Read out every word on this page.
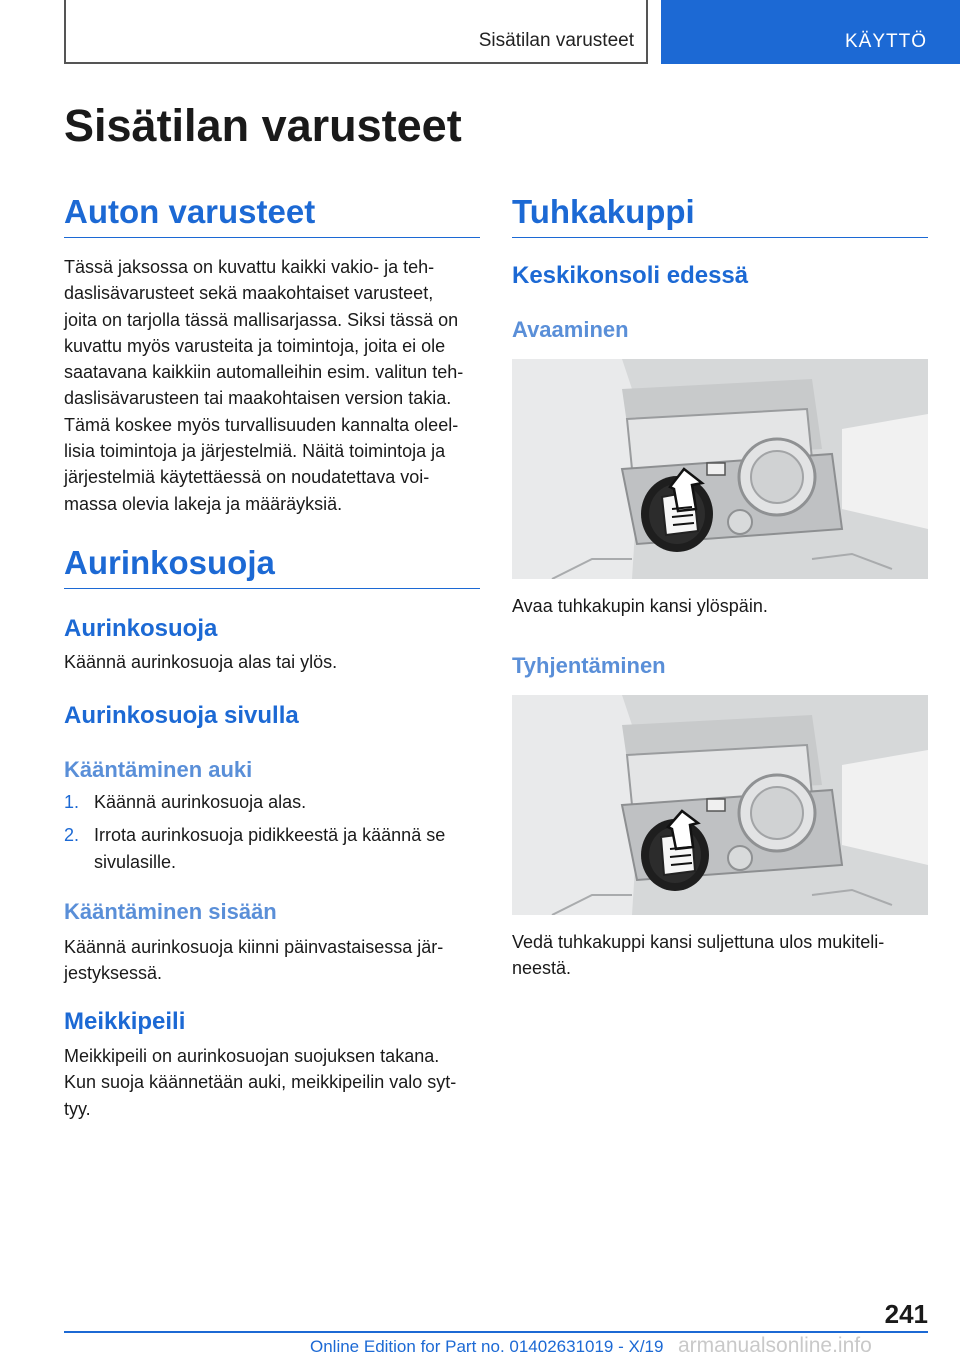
Sisätilan varusteet	KÄYTTÖ
Sisätilan varusteet
Auton varusteet

Tässä jaksossa on kuvattu kaikki vakio- ja teh-
daslisävarusteet sekä maakohtaiset varusteet,
joita on tarjolla tässä mallisarjassa. Siksi tässä on
kuvattu myös varusteita ja toimintoja, joita ei ole
saatavana kaikkiin automalleihin esim. valitun teh-
daslisävarusteen tai maakohtaisen version takia.
Tämä koskee myös turvallisuuden kannalta oleel-
lisia toimintoja ja järjestelmiä. Näitä toimintoja ja
järjestelmiä käytettäessä on noudatettava voi-
massa olevia lakeja ja määräyksiä.

Aurinkosuoja
Aurinkosuoja

Käännä aurinkosuoja alas tai ylös.

Aurinkosuoja sivulla
Kääntäminen auki
1. Käännä aurinkosuoja alas.
2. Irrota aurinkosuoja pidikkeestä ja käännä se
sivulasille.
Kääntäminen sisään

Käännä aurinkosuoja kiinni päinvastaisessa jär-
jestyksessä.

Meikkipeili

Meikkipeili on aurinkosuojan suojuksen takana.
Kun suoja käännetään auki, meikkipeilin valo syt-
tyy.

Tuhkakuppi
Keskikonsoli edessä
Avaaminen

Avaa tuhkakupin kansi ylöspäin.

Tyhjentäminen

Vedä tuhkakuppi kansi suljettuna ulos mukiteli-
neestä.

241
Online Edition for Part no. 01402631019 - X/19 armanualsonline.info
